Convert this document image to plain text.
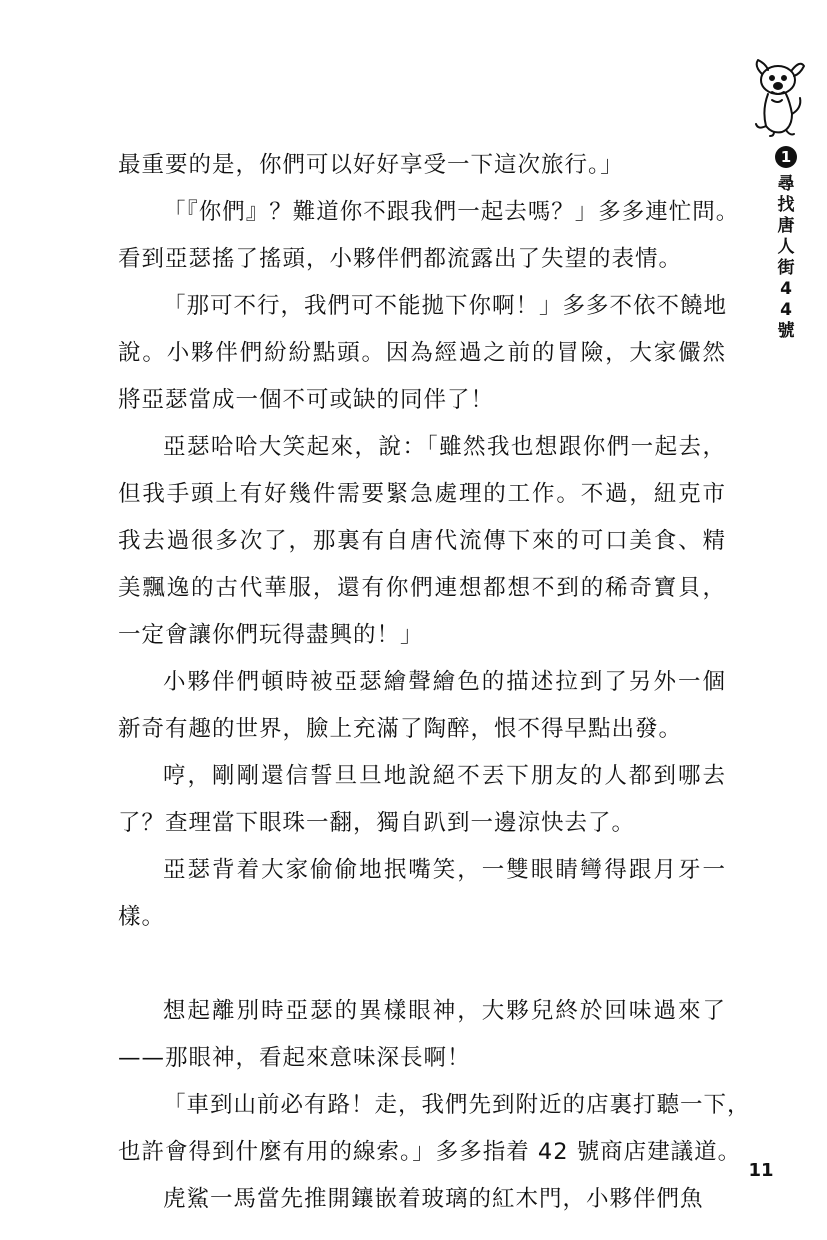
1
尋找唐人街44號
最重要的是，你們可以好好享受一下這次旅行。」
「『你們』？難道你不跟我們一起去嗎？」多多連忙問。
看到亞瑟搖了搖頭，小夥伴們都流露出了失望的表情。
「那可不行，我們可不能拋下你啊！」多多不依不饒地
說。小夥伴們紛紛點頭。因為經過之前的冒險，大家儼然
將亞瑟當成一個不可或缺的同伴了！
亞瑟哈哈大笑起來，說：「雖然我也想跟你們一起去，
但我手頭上有好幾件需要緊急處理的工作。不過，紐克市
我去過很多次了，那裏有自唐代流傳下來的可口美食、精
美飄逸的古代華服，還有你們連想都想不到的稀奇寶貝，
一定會讓你們玩得盡興的！」
小夥伴們頓時被亞瑟繪聲繪色的描述拉到了另外一個
新奇有趣的世界，臉上充滿了陶醉，恨不得早點出發。
哼，剛剛還信誓旦旦地說絕不丟下朋友的人都到哪去
了？查理當下眼珠一翻，獨自趴到一邊涼快去了。
亞瑟背着大家偷偷地抿嘴笑，一雙眼睛彎得跟月牙一
樣。
想起離別時亞瑟的異樣眼神，大夥兒終於回味過來了
——那眼神，看起來意味深長啊！
「車到山前必有路！走，我們先到附近的店裏打聽一下，
也許會得到什麼有用的線索。」多多指着 42 號商店建議道。
虎鯊一馬當先推開鑲嵌着玻璃的紅木門，小夥伴們魚
11
